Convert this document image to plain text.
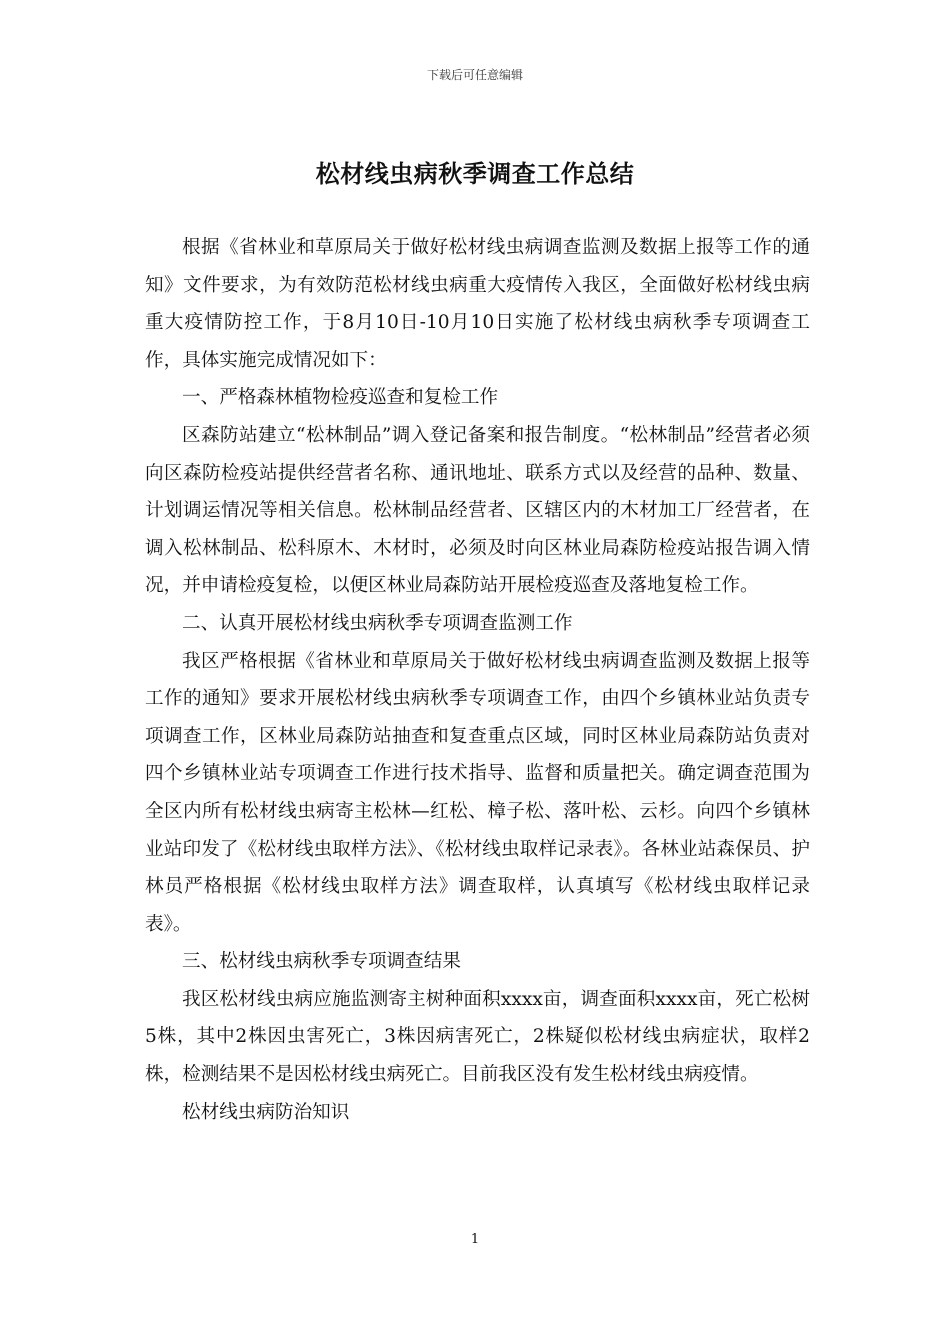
下载后可任意编辑
松材线虫病秋季调查工作总结

根据《省林业和草原局关于做好松材线虫病调查监测及数据上报等工作的通知》文件要求，为有效防范松材线虫病重大疫情传入我区，全面做好松材线虫病重大疫情防控工作，于8月10日-10月10日实施了松材线虫病秋季专项调查工作，具体实施完成情况如下：

一、严格森林植物检疫巡查和复检工作

区森防站建立“松林制品”调入登记备案和报告制度。“松林制品”经营者必须向区森防检疫站提供经营者名称、通讯地址、联系方式以及经营的品种、数量、计划调运情况等相关信息。松林制品经营者、区辖区内的木材加工厂经营者，在调入松林制品、松科原木、木材时，必须及时向区林业局森防检疫站报告调入情况，并申请检疫复检，以便区林业局森防站开展检疫巡查及落地复检工作。

二、认真开展松材线虫病秋季专项调查监测工作

我区严格根据《省林业和草原局关于做好松材线虫病调查监测及数据上报等工作的通知》要求开展松材线虫病秋季专项调查工作，由四个乡镇林业站负责专项调查工作，区林业局森防站抽查和复查重点区域，同时区林业局森防站负责对四个乡镇林业站专项调查工作进行技术指导、监督和质量把关。确定调查范围为全区内所有松材线虫病寄主松林—红松、樟子松、落叶松、云杉。向四个乡镇林业站印发了《松材线虫取样方法》、《松材线虫取样记录表》。各林业站森保员、护林员严格根据《松材线虫取样方法》调查取样，认真填写《松材线虫取样记录表》。

三、松材线虫病秋季专项调查结果

我区松材线虫病应施监测寄主树种面积xxxx亩，调查面积xxxx亩，死亡松树5株，其中2株因虫害死亡，3株因病害死亡，2株疑似松材线虫病症状，取样2株，检测结果不是因松材线虫病死亡。目前我区没有发生松材线虫病疫情。

松材线虫病防治知识

1
